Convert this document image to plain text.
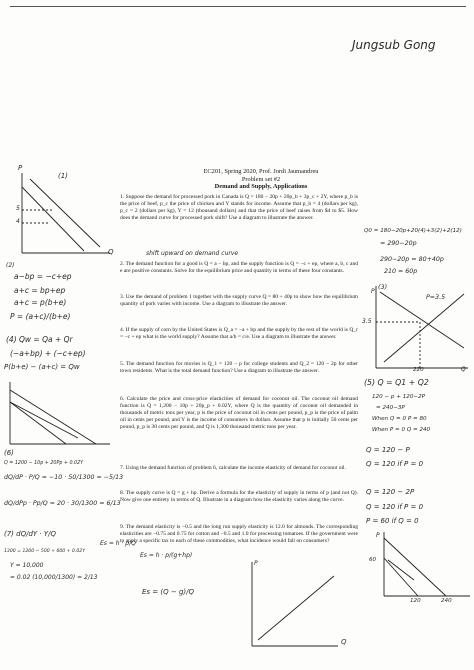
Jungsub Gong
EC201, Spring 2020, Prof. Jordi Jaumandreu
Problem set #2
Demand and Supply, Applications
1. Suppose the demand for processed pork in Canada is Q = 180 − 20p + 20p_b + 3p_c + 2Y, where p_b is the price of beef, p_c the price of chicken and Y stands for income. Assume that p_b = 4 (dollars per kg), p_c = 2 (dollars per kg), Y = 12 (thousand dollars) and that the price of beef raises from $4 to $5. How does the demand curve for processed pork shift? Use a diagram to illustrate the answer.
2. The demand function for a good is Q = a − bp, and the supply function is Q = −c + ep, where a, b, c and e are positive constants. Solve for the equilibrium price and quantity in terms of these four constants.
3. Use the demand of problem 1 together with the supply curve Q = 80 + 40p to show how the equilibrium quantity of pork varies with income. Use a diagram to illustrate the answer.
4. If the supply of corn by the United States is Q_a = −a + bp and the supply by the rest of the world is Q_r = −c + ep what is the world supply? Assume that a/b = c/e. Use a diagram to illustrate the answer.
5. The demand function for movies is Q_1 = 120 − p for college students and Q_2 = 120 − 2p for other town residents. What is the total demand function? Use a diagram to illustrate the answer.
6. Calculate the price and cross-price elasticities of demand for coconut oil. The coconut oil demand function is Q = 1,200 − 10p + 20p_p + 0.02Y, where Q is the quantity of coconut oil demanded in thousands of metric tons per year, p is the price of coconut oil in cents per pound, p_p is the price of palm oil in cents per pound, and Y is the income of consumers in dollars. Assume that p is initially 50 cents per pound, p_p is 30 cents per pound, and Q is 1,300 thousand metric tons per year.
7. Using the demand function of problem 6, calculate the income elasticity of demand for coconut oil.
8. The supply curve is Q = g + hp. Derive a formula for the elasticity of supply in terms of p (and not Q). Now give one entirety in terms of Q. Illustrate in a diagram how the elasticity varies along the curve.
9. The demand elasticity is −0.5 and the long run supply elasticity is 12.0 for almonds. The corresponding elasticities are −0.75 and 0.75 for cotton and −0.5 and 1.0 for processing tomatoes. If the government were to apply a specific tax to each of these commodities, what incidence would fall on consumers?
(1)
P
Q
5
4
shift upward on demand curve
(2)
a−bp = −c+ep
a+c = bp+ep
a+c = p(b+e)
P = (a+c)/(b+e)
(4) Qw = Qa + Qr
(−a+bp) + (−c+ep)
P(b+e) − (a+c) = Qw
(6)
Q = 1200 − 10p + 20Pp + 0.02Y
dQ/dP · P/Q = −10 · 50/1300 = −5/13
dQ/dPp · Pp/Q = 20 · 30/1300 = 6/13
(7) dQ/dY · Y/Q
1300 = 1200 − 500 + 600 + 0.02Y
Y = 10,000
= 0.02 (10,000/1300) = 2/13
Es = h · p/Q
Es = h · p/(g+hp)
Es = (Q − g)/Q
P
Q
Q0 = 180−20p+20(4)+3(2)+2(12)
= 290−20p
290−20p = 80+40p
210 = 60p
(3)
P
P=3.5
3.5
220	Q
(5) Q = Q1 + Q2
120 − p + 120−2P
= 240−3P
When Q = 0 P = 80
When P = 0 Q = 240
Q = 120 − P
Q = 120 if P = 0
Q = 120 − 2P
Q = 120 if P = 0
P = 60 if Q = 0
P
60
120	240
